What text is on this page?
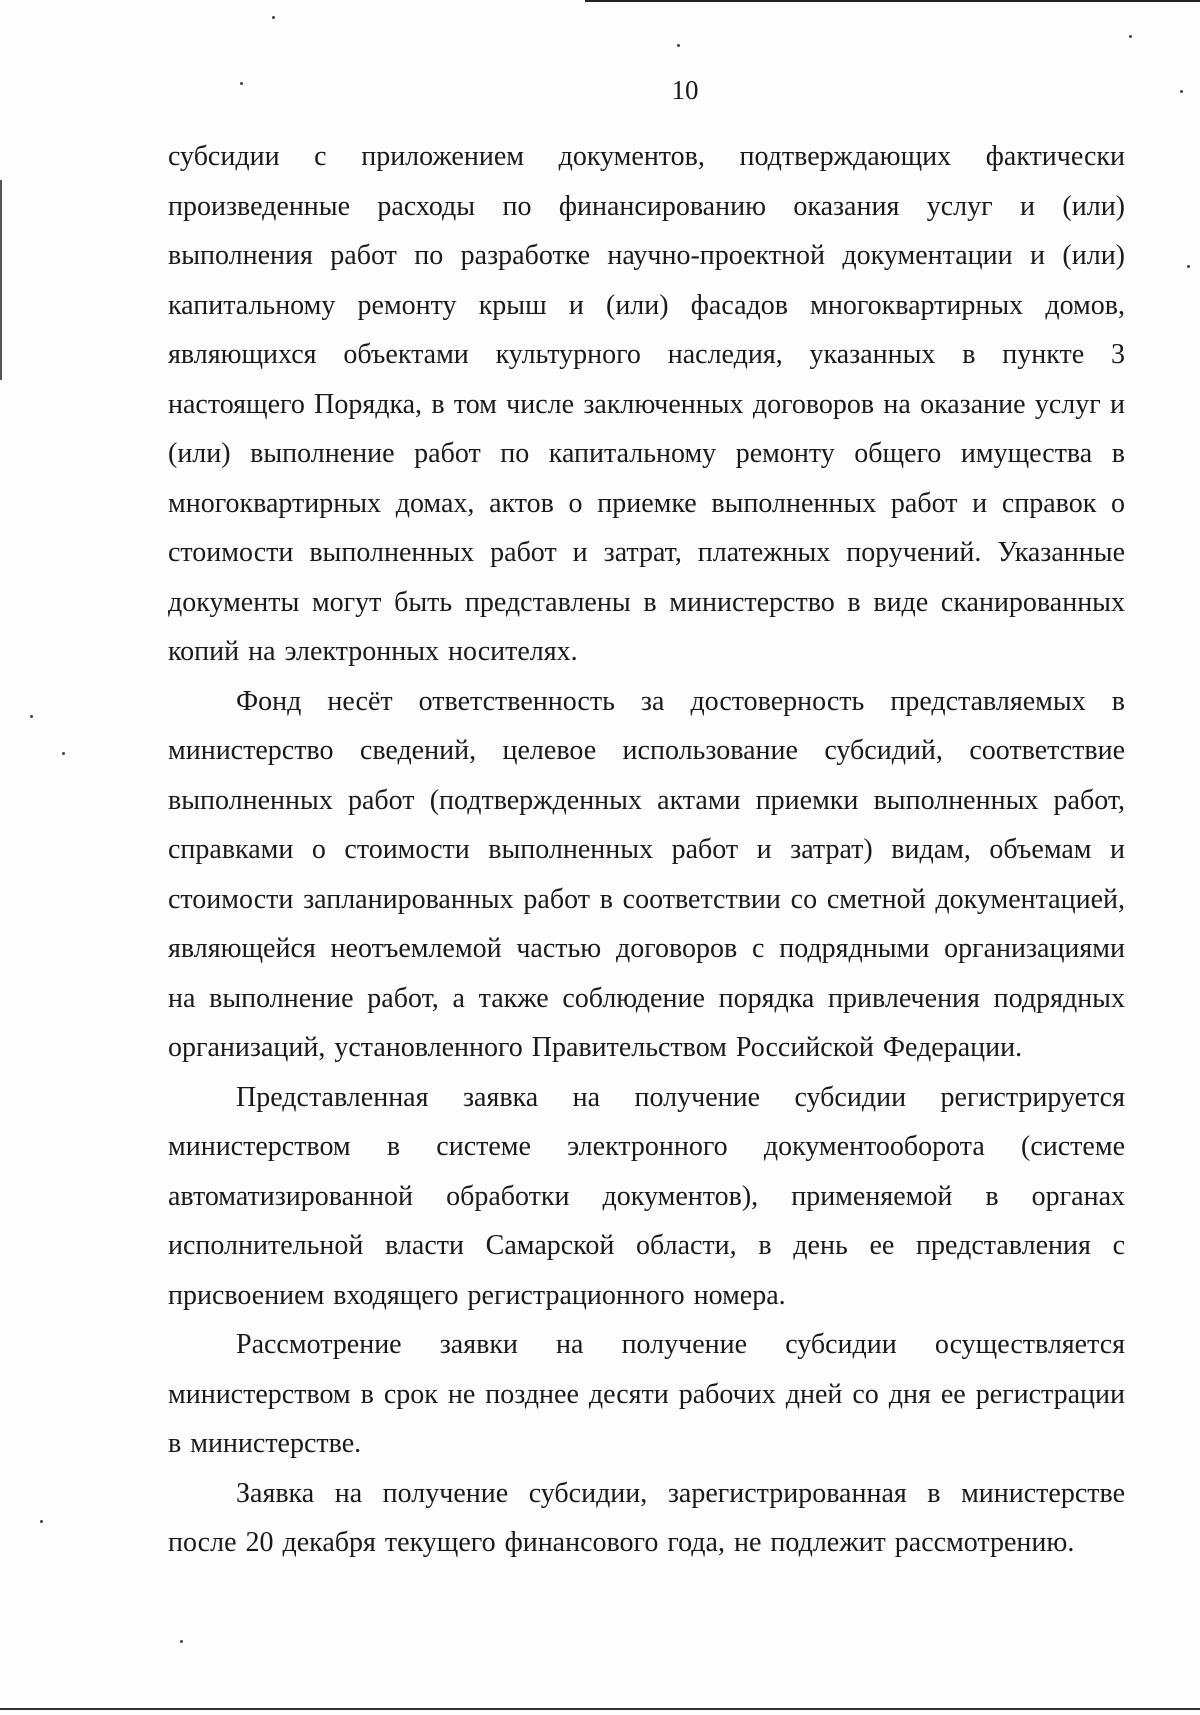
10

субсидии с приложением документов, подтверждающих фактически произведенные расходы по финансированию оказания услуг и (или) выполнения работ по разработке научно-проектной документации и (или) капитальному ремонту крыш и (или) фасадов многоквартирных домов, являющихся объектами культурного наследия, указанных в пункте 3 настоящего Порядка, в том числе заключенных договоров на оказание услуг и (или) выполнение работ по капитальному ремонту общего имущества в многоквартирных домах, актов о приемке выполненных работ и справок о стоимости выполненных работ и затрат, платежных поручений. Указанные документы могут быть представлены в министерство в виде сканированных копий на электронных носителях.

Фонд несёт ответственность за достоверность представляемых в министерство сведений, целевое использование субсидий, соответствие выполненных работ (подтвержденных актами приемки выполненных работ, справками о стоимости выполненных работ и затрат) видам, объемам и стоимости запланированных работ в соответствии со сметной документацией, являющейся неотъемлемой частью договоров с подрядными организациями на выполнение работ, а также соблюдение порядка привлечения подрядных организаций, установленного Правительством Российской Федерации.

Представленная заявка на получение субсидии регистрируется министерством в системе электронного документооборота (системе автоматизированной обработки документов), применяемой в органах исполнительной власти Самарской области, в день ее представления с присвоением входящего регистрационного номера.

Рассмотрение заявки на получение субсидии осуществляется министерством в срок не позднее десяти рабочих дней со дня ее регистрации в министерстве.

Заявка на получение субсидии, зарегистрированная в министерстве после 20 декабря текущего финансового года, не подлежит рассмотрению.
